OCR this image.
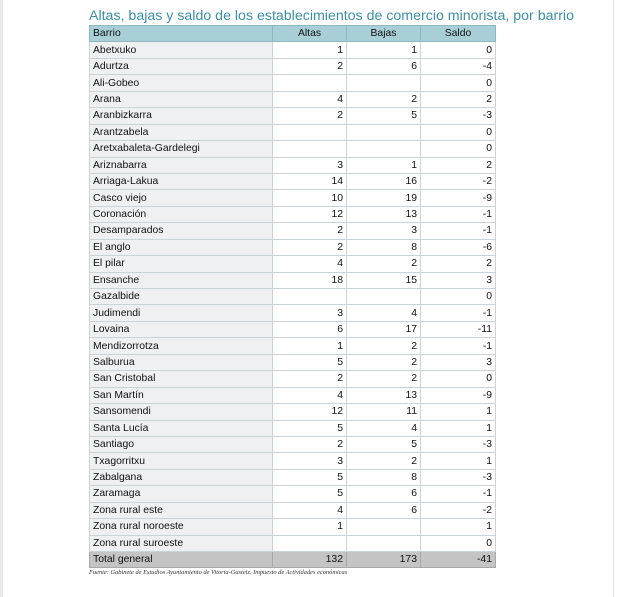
Altas, bajas y saldo de los establecimientos de comercio minorista, por barrio
Barrio	Altas	Bajas	Saldo
Abetxuko	1	1	0
Adurtza	2	6	-4
Ali-Gobeo			0
Arana	4	2	2
Aranbizkarra	2	5	-3
Arantzabela			0
Aretxabaleta-Gardelegi			0
Ariznabarra	3	1	2
Arriaga-Lakua	14	16	-2
Casco viejo	10	19	-9
Coronación	12	13	-1
Desamparados	2	3	-1
El anglo	2	8	-6
El pilar	4	2	2
Ensanche	18	15	3
Gazalbide			0
Judimendi	3	4	-1
Lovaina	6	17	-11
Mendizorrotza	1	2	-1
Salburua	5	2	3
San Cristobal	2	2	0
San Martín	4	13	-9
Sansomendi	12	11	1
Santa Lucía	5	4	1
Santiago	2	5	-3
Txagorritxu	3	2	1
Zabalgana	5	8	-3
Zaramaga	5	6	-1
Zona rural este	4	6	-2
Zona rural noroeste	1		1
Zona rural suroeste			0
Total general	132	173	-41
Fuente: Gabinete de Estudios Ayuntamiento de Vitoria-Gasteiz. Impuesto de Actividades económicas
